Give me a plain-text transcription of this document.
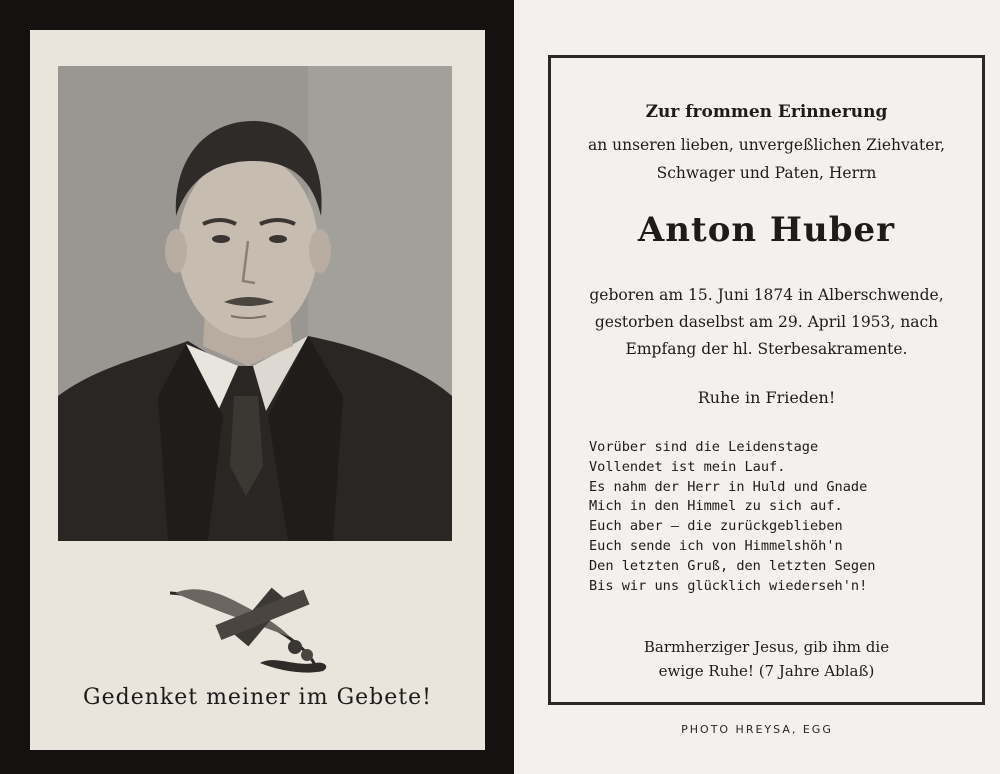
Gedenket meiner im Gebete!
Zur frommen Erinnerung
an unseren lieben, unvergeßlichen Ziehvater,
Schwager und Paten, Herrn
Anton Huber
geboren am 15. Juni 1874 in Alberschwende,
gestorben daselbst am 29. April 1953, nach
Empfang der hl. Sterbesakramente.
Ruhe in Frieden!
Vorüber sind die Leidenstage
Vollendet ist mein Lauf.
Es nahm der Herr in Huld und Gnade
Mich in den Himmel zu sich auf.
Euch aber — die zurückgeblieben
Euch sende ich von Himmelshöh'n
Den letzten Gruß, den letzten Segen
Bis wir uns glücklich wiederseh'n!
Barmherziger Jesus, gib ihm die
ewige Ruhe! (7 Jahre Ablaß)
PHOTO HREYSA, EGG
